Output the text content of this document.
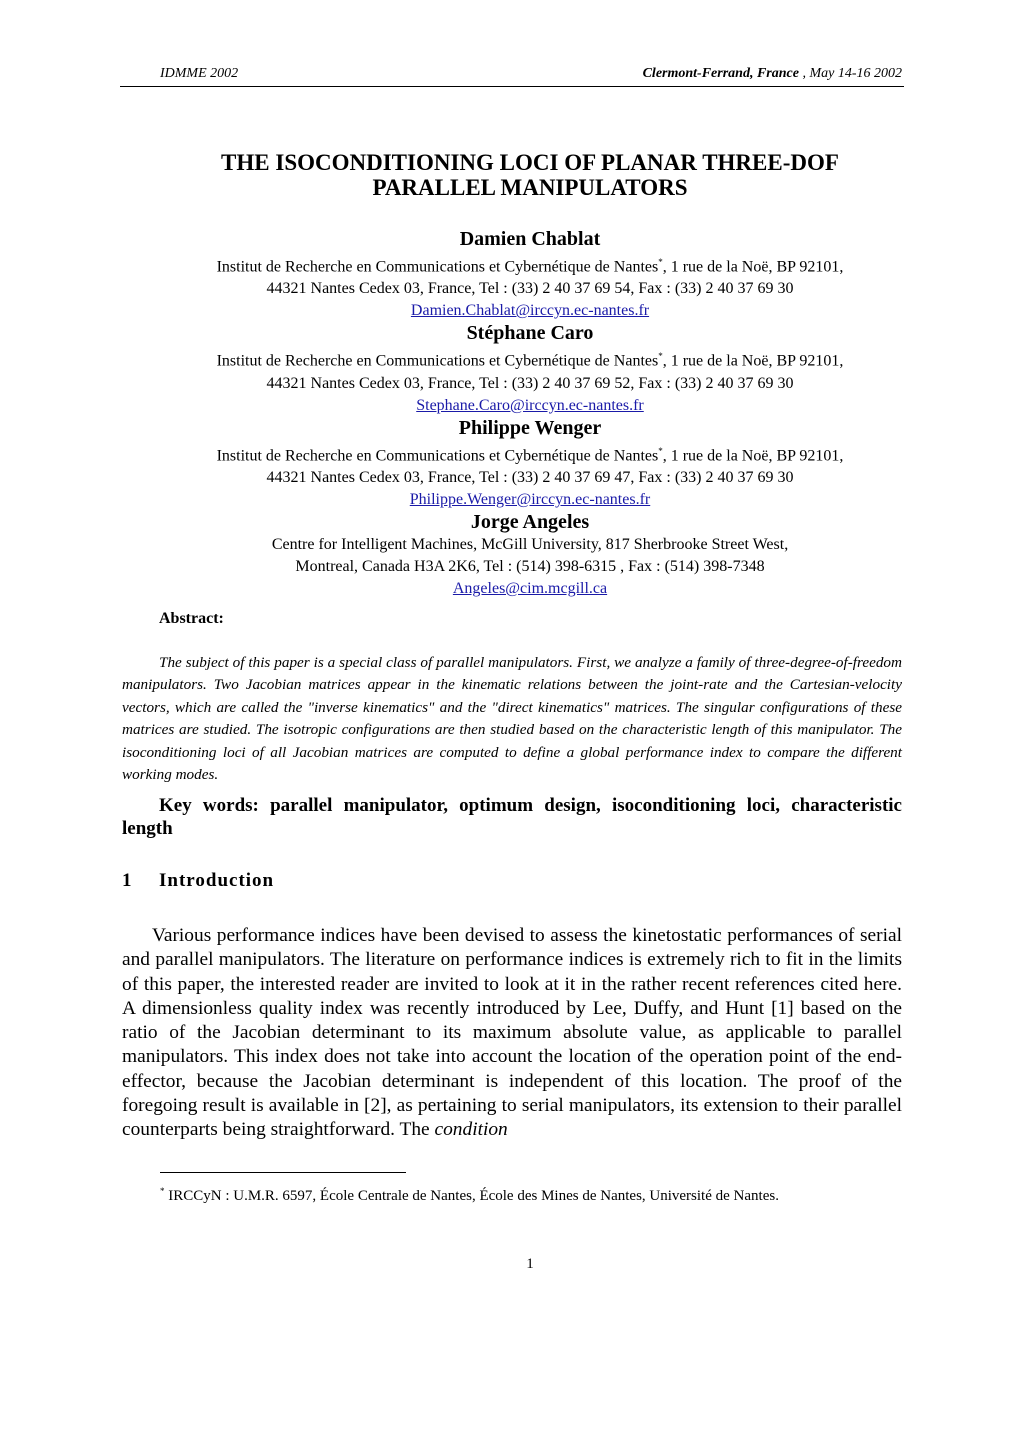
IDMME 2002	Clermont-Ferrand, France , May 14-16 2002
THE ISOCONDITIONING LOCI OF PLANAR THREE-DOF
PARALLEL MANIPULATORS
Damien Chablat
Institut de Recherche en Communications et Cybernétique de Nantes*, 1 rue de la Noë, BP 92101,
44321 Nantes Cedex 03, France, Tel : (33) 2 40 37 69 54, Fax : (33) 2 40 37 69 30
Damien.Chablat@irccyn.ec-nantes.fr
Stéphane Caro
Institut de Recherche en Communications et Cybernétique de Nantes*, 1 rue de la Noë, BP 92101,
44321 Nantes Cedex 03, France, Tel : (33) 2 40 37 69 52, Fax : (33) 2 40 37 69 30
Stephane.Caro@irccyn.ec-nantes.fr
Philippe Wenger
Institut de Recherche en Communications et Cybernétique de Nantes*, 1 rue de la Noë, BP 92101,
44321 Nantes Cedex 03, France, Tel : (33) 2 40 37 69 47, Fax : (33) 2 40 37 69 30
Philippe.Wenger@irccyn.ec-nantes.fr
Jorge Angeles
Centre for Intelligent Machines, McGill University, 817 Sherbrooke Street West,
Montreal, Canada H3A 2K6, Tel : (514) 398-6315 , Fax : (514) 398-7348
Angeles@cim.mcgill.ca
Abstract:
The subject of this paper is a special class of parallel manipulators. First, we analyze a family of three-degree-of-freedom manipulators. Two Jacobian matrices appear in the kinematic relations between the joint-rate and the Cartesian-velocity vectors, which are called the "inverse kinematics" and the "direct kinematics" matrices. The singular configurations of these matrices are studied. The isotropic configurations are then studied based on the characteristic length of this manipulator. The isoconditioning loci of all Jacobian matrices are computed to define a global performance index to compare the different working modes.
Key words: parallel manipulator, optimum design, isoconditioning loci, characteristic length
1 Introduction
Various performance indices have been devised to assess the kinetostatic performances of serial and parallel manipulators. The literature on performance indices is extremely rich to fit in the limits of this paper, the interested reader are invited to look at it in the rather recent references cited here. A dimensionless quality index was recently introduced by Lee, Duffy, and Hunt [1] based on the ratio of the Jacobian determinant to its maximum absolute value, as applicable to parallel manipulators. This index does not take into account the location of the operation point of the end-effector, because the Jacobian determinant is independent of this location. The proof of the foregoing result is available in [2], as pertaining to serial manipulators, its extension to their parallel counterparts being straightforward. The condition
* IRCCyN : U.M.R. 6597, École Centrale de Nantes, École des Mines de Nantes, Université de Nantes.
1
